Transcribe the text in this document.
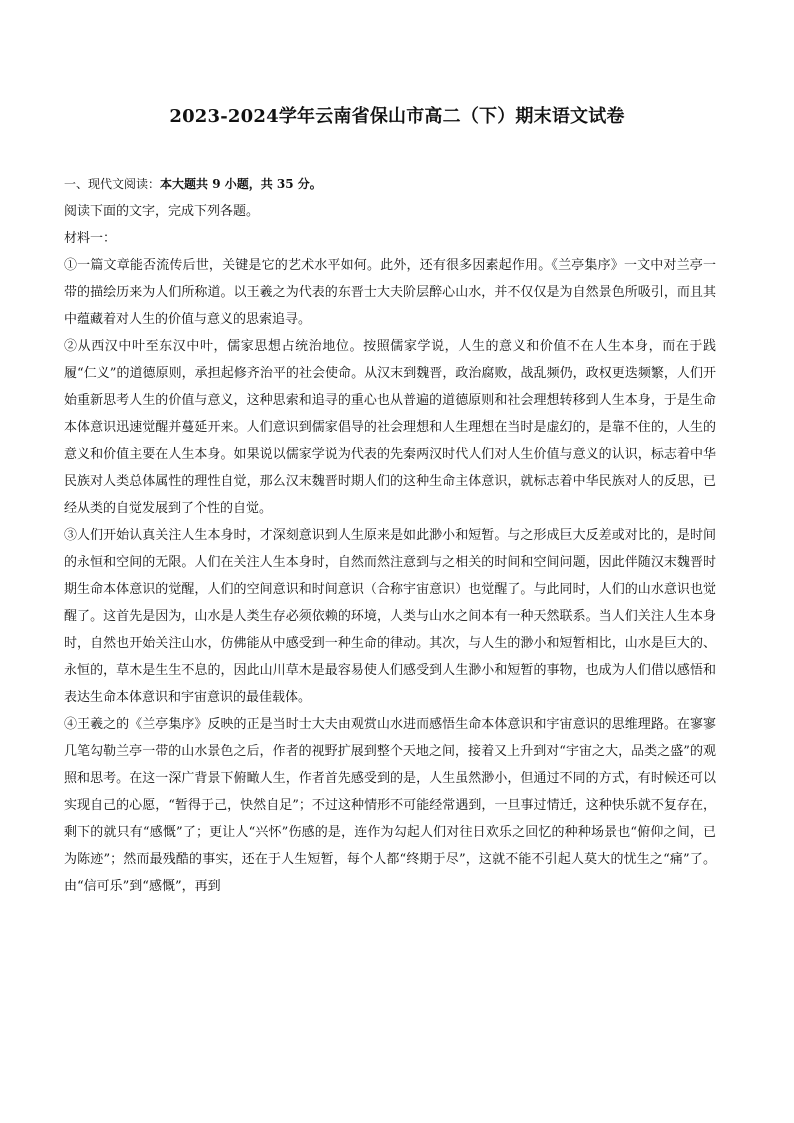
2023-2024学年云南省保山市高二（下）期末语文试卷
一、现代文阅读：本大题共 9 小题，共 35 分。
阅读下面的文字，完成下列各题。
材料一：

①一篇文章能否流传后世，关键是它的艺术水平如何。此外，还有很多因素起作用。《兰亭集序》一文中对兰亭一带的描绘历来为人们所称道。以王羲之为代表的东晋士大夫阶层醉心山水，并不仅仅是为自然景色所吸引，而且其中蕴藏着对人生的价值与意义的思索追寻。

②从西汉中叶至东汉中叶，儒家思想占统治地位。按照儒家学说，人生的意义和价值不在人生本身，而在于践履“仁义”的道德原则，承担起修齐治平的社会使命。从汉末到魏晋，政治腐败，战乱频仍，政权更迭频繁，人们开始重新思考人生的价值与意义，这种思索和追寻的重心也从普遍的道德原则和社会理想转移到人生本身，于是生命本体意识迅速觉醒并蔓延开来。人们意识到儒家倡导的社会理想和人生理想在当时是虚幻的，是靠不住的，人生的意义和价值主要在人生本身。如果说以儒家学说为代表的先秦两汉时代人们对人生价值与意义的认识，标志着中华民族对人类总体属性的理性自觉，那么汉末魏晋时期人们的这种生命主体意识，就标志着中华民族对人的反思，已经从类的自觉发展到了个性的自觉。

③人们开始认真关注人生本身时，才深刻意识到人生原来是如此渺小和短暂。与之形成巨大反差或对比的，是时间的永恒和空间的无限。人们在关注人生本身时，自然而然注意到与之相关的时间和空间问题，因此伴随汉末魏晋时期生命本体意识的觉醒，人们的空间意识和时间意识（合称宇宙意识）也觉醒了。与此同时，人们的山水意识也觉醒了。这首先是因为，山水是人类生存必须依赖的环境，人类与山水之间本有一种天然联系。当人们关注人生本身时，自然也开始关注山水，仿佛能从中感受到一种生命的律动。其次，与人生的渺小和短暂相比，山水是巨大的、永恒的，草木是生生不息的，因此山川草木是最容易使人们感受到人生渺小和短暂的事物，也成为人们借以感悟和表达生命本体意识和宇宙意识的最佳载体。

④王羲之的《兰亭集序》反映的正是当时士大夫由观赏山水进而感悟生命本体意识和宇宙意识的思维理路。在寥寥几笔勾勒兰亭一带的山水景色之后，作者的视野扩展到整个天地之间，接着又上升到对“宇宙之大，品类之盛”的观照和思考。在这一深广背景下俯瞰人生，作者首先感受到的是，人生虽然渺小，但通过不同的方式，有时候还可以实现自己的心愿，“暂得于己，快然自足”；不过这种情形不可能经常遇到，一旦事过情迁，这种快乐就不复存在，剩下的就只有“感慨”了；更让人“兴怀”伤感的是，连作为勾起人们对往日欢乐之回忆的种种场景也“俯仰之间，已为陈迹”；然而最残酷的事实，还在于人生短暂，每个人都“终期于尽”，这就不能不引起人莫大的忧生之“痛”了。由“信可乐”到“感慨”，再到
